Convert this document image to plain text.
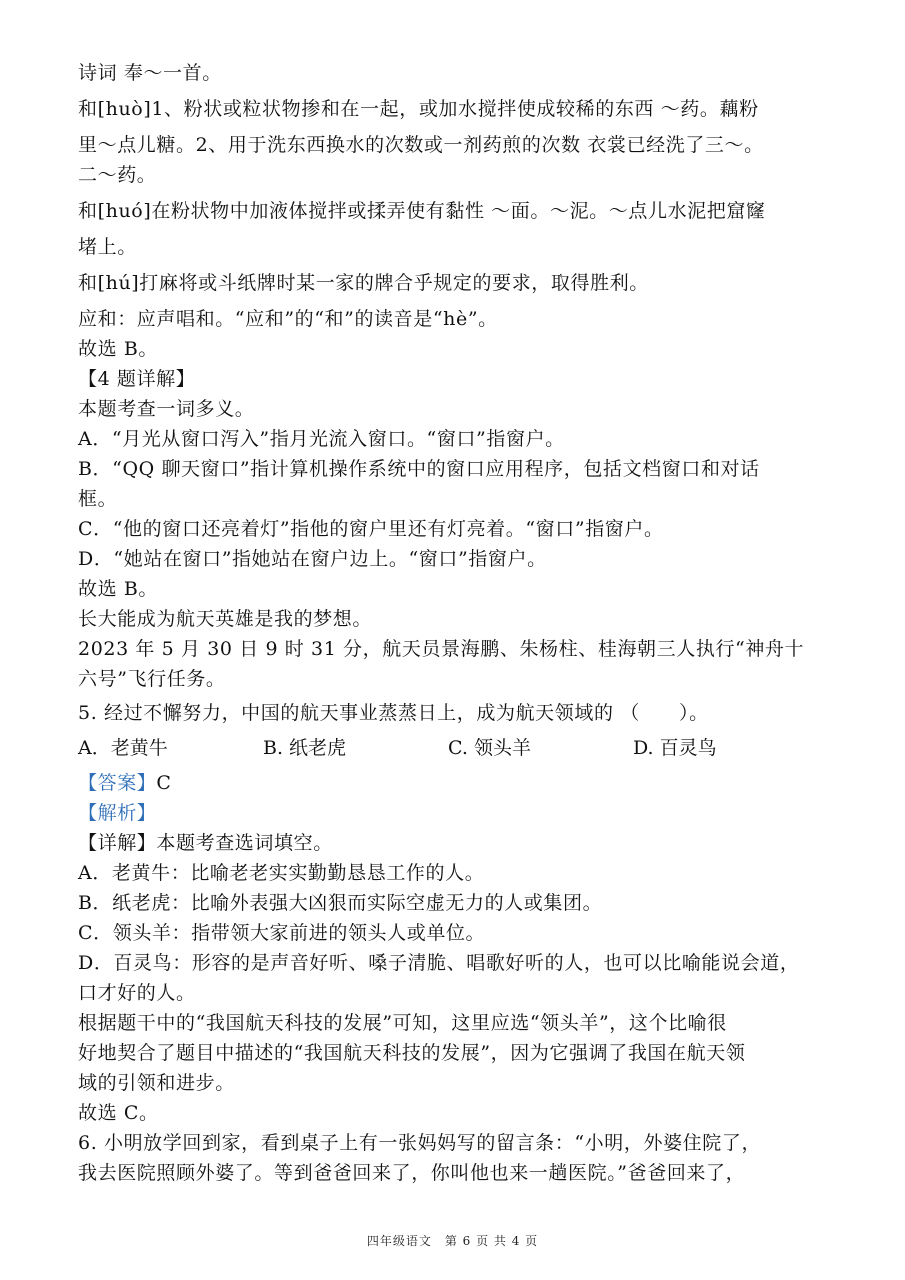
诗词 奉～一首。
和[huò]1、粉状或粒状物掺和在一起，或加水搅拌使成较稀的东西 ～药。藕粉
里～点儿糖。2、用于洗东西换水的次数或一剂药煎的次数 衣裳已经洗了三～。
二～药。
和[huó]在粉状物中加液体搅拌或揉弄使有黏性 ～面。～泥。～点儿水泥把窟窿
堵上。
和[hú]打麻将或斗纸牌时某一家的牌合乎规定的要求，取得胜利。
应和：应声唱和。“应和”的“和”的读音是“hè”。
故选 B。
【4 题详解】
本题考查一词多义。
A．“月光从窗口泻入”指月光流入窗口。“窗口”指窗户。
B．“QQ 聊天窗口”指计算机操作系统中的窗口应用程序，包括文档窗口和对话
框。
C．“他的窗口还亮着灯”指他的窗户里还有灯亮着。“窗口”指窗户。
D．“她站在窗口”指她站在窗户边上。“窗口”指窗户。
故选 B。
长大能成为航天英雄是我的梦想。
2023 年 5 月 30 日 9 时 31 分，航天员景海鹏、朱杨柱、桂海朝三人执行“神舟十
六号”飞行任务。
5. 经过不懈努力，中国的航天事业蒸蒸日上，成为航天领域的 （　　）。
A．老黄牛	B. 纸老虎	C. 领头羊	D. 百灵鸟
【答案】C
【解析】
【详解】本题考查选词填空。
A．老黄牛：比喻老老实实勤勤恳恳工作的人。
B．纸老虎：比喻外表强大凶狠而实际空虚无力的人或集团。
C．领头羊：指带领大家前进的领头人或单位。
D．百灵鸟：形容的是声音好听、嗓子清脆、唱歌好听的人，也可以比喻能说会道，
口才好的人。
根据题干中的“我国航天科技的发展”可知，这里应选“领头羊”，这个比喻很
好地契合了题目中描述的“我国航天科技的发展”，因为它强调了我国在航天领
域的引领和进步。
故选 C。
6. 小明放学回到家，看到桌子上有一张妈妈写的留言条：“小明，外婆住院了，
我去医院照顾外婆了。等到爸爸回来了，你叫他也来一趟医院。”爸爸回来了，
四年级语文　第 6 页 共 4 页
